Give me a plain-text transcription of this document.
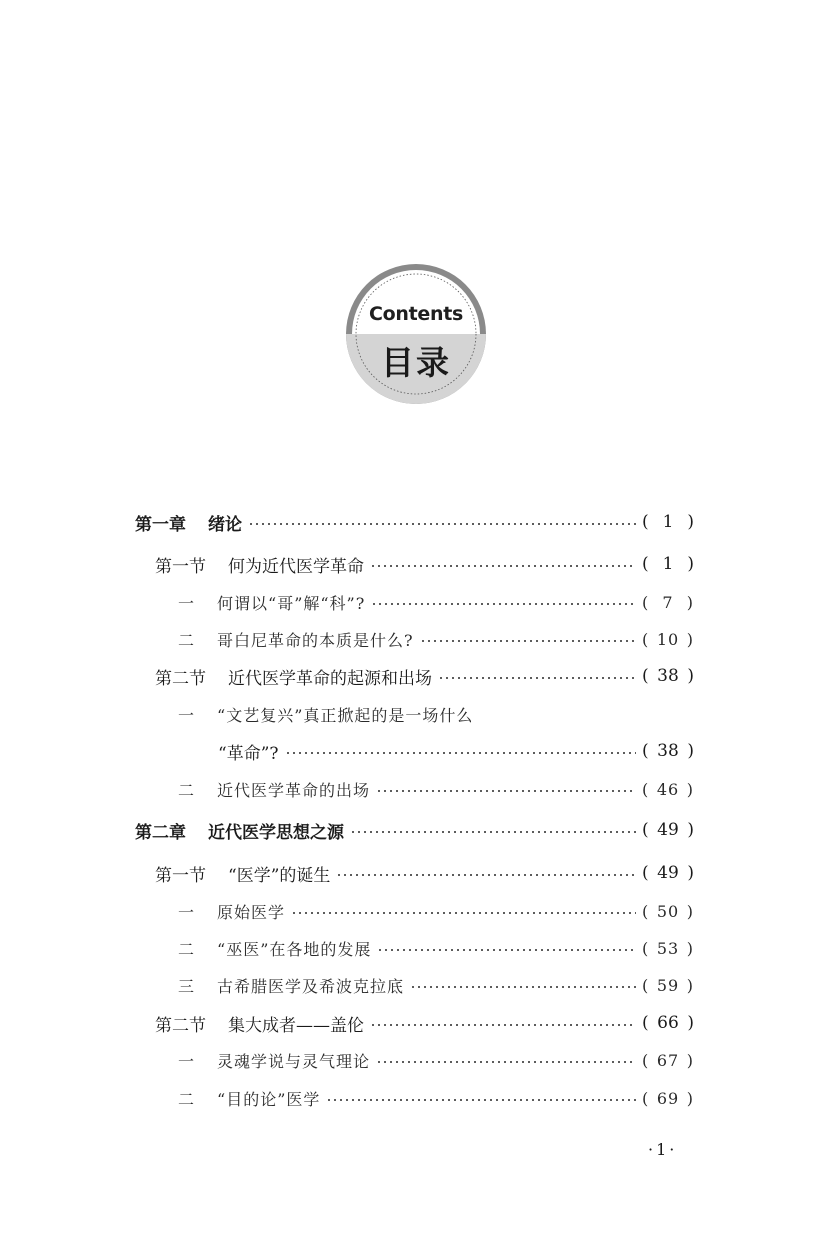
Contents
目录
第一章 绪论	( 1 )
第一节 何为近代医学革命	( 1 )
一 何谓以“哥”解“科”?	( 7 )
二 哥白尼革命的本质是什么?	( 10 )
第二节 近代医学革命的起源和出场	( 38 )
一 “文艺复兴”真正掀起的是一场什么
“革命”?	( 38 )
二 近代医学革命的出场	( 46 )
第二章 近代医学思想之源	( 49 )
第一节 “医学”的诞生	( 49 )
一 原始医学	( 50 )
二 “巫医”在各地的发展	( 53 )
三 古希腊医学及希波克拉底	( 59 )
第二节 集大成者——盖伦	( 66 )
一 灵魂学说与灵气理论	( 67 )
二 “目的论”医学	( 69 )
·1·
